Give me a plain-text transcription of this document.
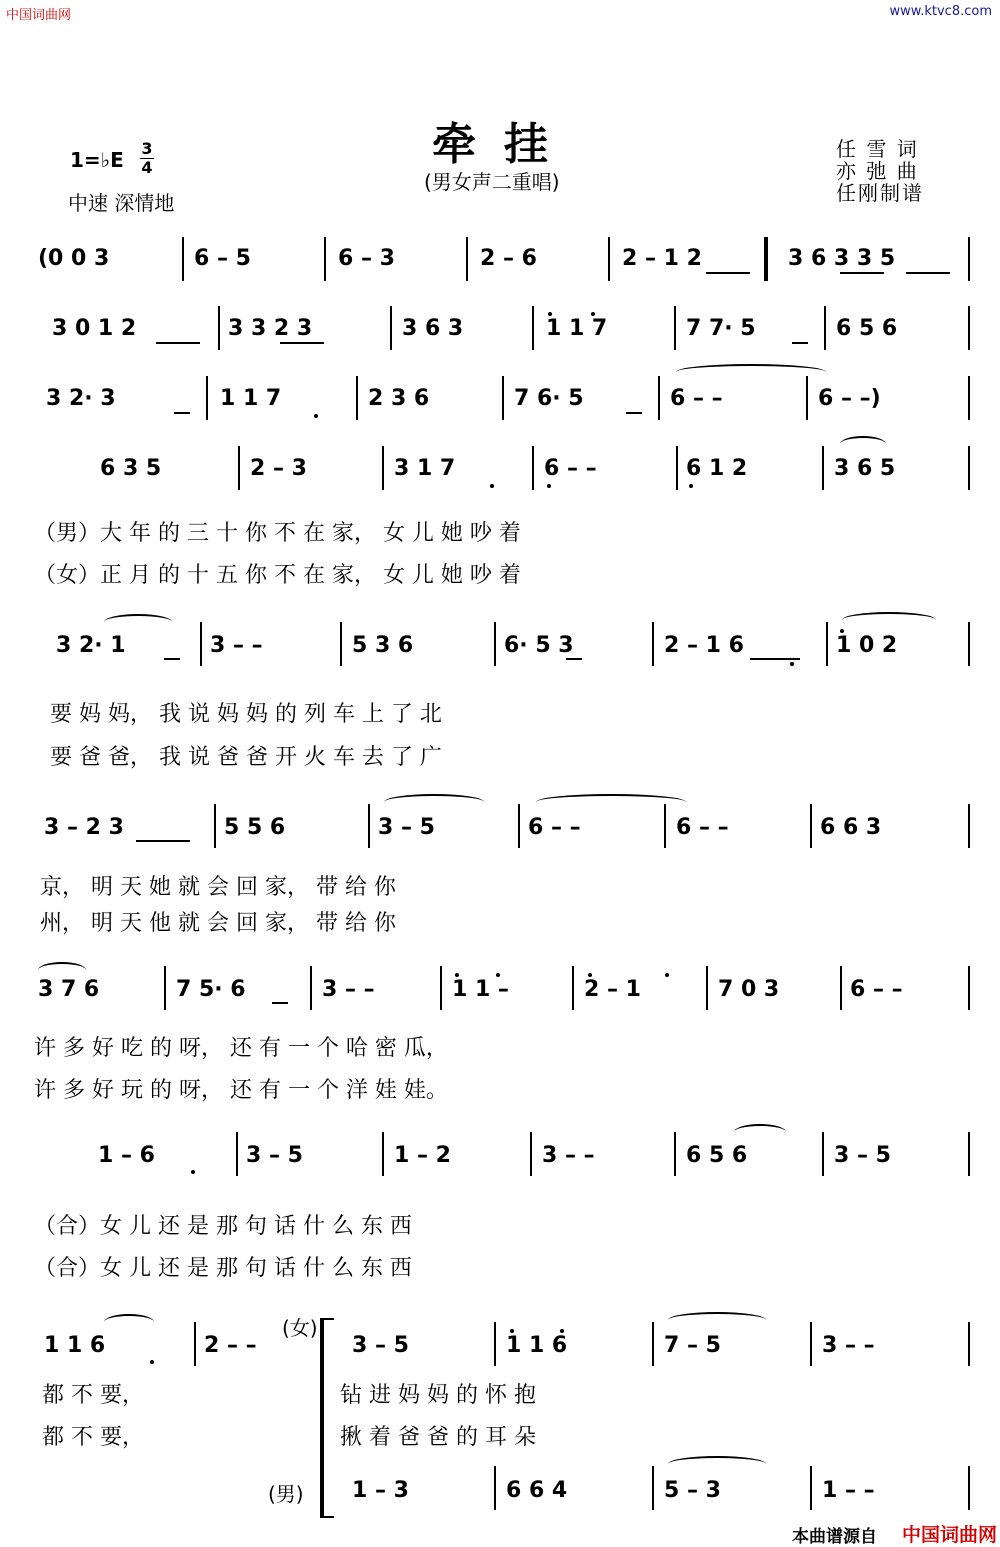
中国词曲网	www.ktvc8.com
牵挂
(男女声二重唱)
1=♭E 3
4
中速 深情地
任 雪 词
亦 弛 曲
任刚制谱
(0 0 3	6 – 5	6 – 3	2 – 6	2 – 1 2	3 6 3 3 5
3 0 1 2	3 3 2 3	3 6 3	1 1 7	7 7· 5	6 5 6
3 2· 3	1 1 7	2 3 6	7 6· 5	6 – –	6 – –)
6 3 5	2 – 3	3 1 7	6 – –	6 1 2	3 6 5
（男）大 年 的 三 十 你 不 在 家， 女 儿 她 吵 着
（女）正 月 的 十 五 你 不 在 家， 女 儿 她 吵 着
3 2· 1	3 – –	5 3 6	6· 5 3	2 – 1 6	1 0 2
要 妈 妈， 我 说 妈 妈 的 列 车 上 了 北
要 爸 爸， 我 说 爸 爸 开 火 车 去 了 广
3 – 2 3	5 5 6	3 – 5	6 – –	6 – –	6 6 3
京， 明 天 她 就 会 回 家， 带 给 你
州， 明 天 他 就 会 回 家， 带 给 你
3 7 6	7 5· 6	3 – –	1 1 –	2 – 1	7 0 3	6 – –
许 多 好 吃 的 呀， 还 有 一 个 哈 密 瓜，
许 多 好 玩 的 呀， 还 有 一 个 洋 娃 娃。
1 – 6	3 – 5	1 – 2	3 – –	6 5 6	3 – 5
（合）女 儿 还 是 那 句 话 什 么 东 西
（合）女 儿 还 是 那 句 话 什 么 东 西
1 1 6	2 – –
(女)
3 – 5	1 1 6	7 – 5	3 – –
都 不 要，
都 不 要，
钻 进 妈 妈 的 怀 抱
揪 着 爸 爸 的 耳 朵
(男) 1 – 3	6 6 4	5 – 3	1 – –
本曲谱源自 中国词曲网
